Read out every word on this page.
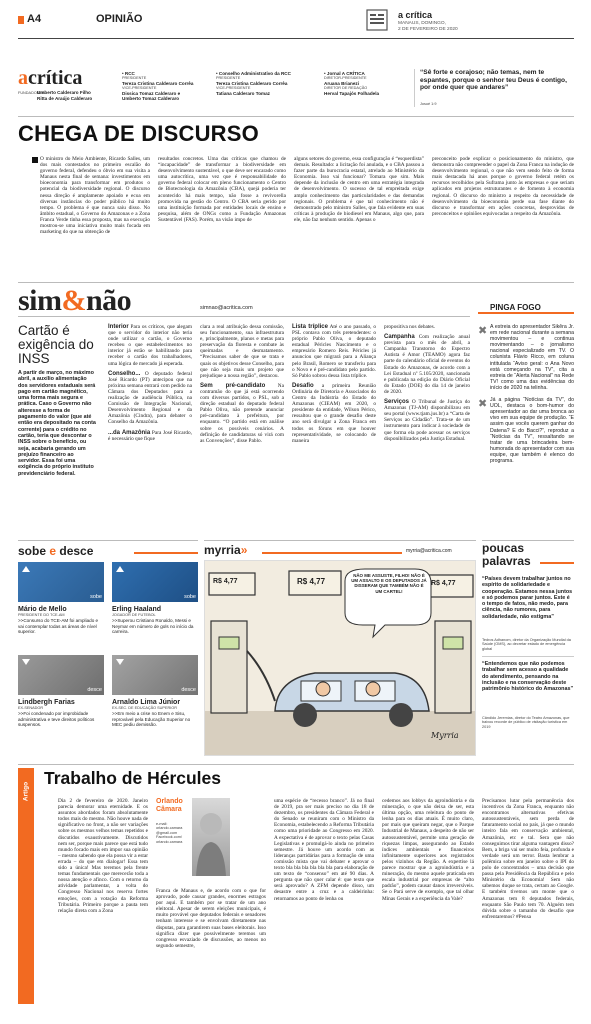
A4	OPINIÃO	a crítica
MANAUS, DOMINGO,
2 DE FEVEREIRO DE 2020
acrítica
FUNDADORES
Umberto Calderaro Filho
Ritta de Araújo Calderaro
• RCC
PRESIDENTE
Tereza Cristina Calderaro Corrêa
VICE-PRESIDENTE
Dissica Tomaz Calderaro e
Umberto Tomaz Calderaro
• Conselho Administrativo da RCC
PRESIDENTE
Tereza Cristina Calderaro Corrêa
VICE-PRESIDENTE
Tatiana Calderaro Tomaz
• Jornal A CRÍTICA
DIRETOR-PRESIDENTE
Aruana Brianezi
DIRETOR DE REDAÇÃO
Herval Tapajós Folhadela
“Sê forte e corajoso; não temas, nem te espantes, porque o senhor teu Deus é contigo, por onde quer que andares”
Josué 1:9
CHEGA DE DISCURSO

O ministro do Meio Ambiente, Ricardo Salles, um dos mais contestados no primeiro escalão do governo federal, defendeu o óbvio em sua visita a Manaus nesta final de semana: investimentos em bioeconomia para transformar em produtos o potencial da biodiversidade regional. O discurso nessa direção é amplamente apoiado e ecoa em diversas instâncias do poder público há muito tempo. O problema é que nunca saiu disso. No âmbito estadual, o Governo do Amazonas e a Zona Franca Verde tinha essa proposta, mas na execução mostrou-se uma iniciativa muito mais focada em marketing do que na obtenção de

resultados concretos. Uma das críticas que chamou de “incapacidade” de transformar a biodiversidade em desenvolvimento sustentável, o que deve ser encarado como uma autocrítica, uma vez que é responsabilidade do governo federal colocar em pleno funcionamento o Centro de Biotecnologia da Amazônia (CBA), quejá poderia ter acontecido há mais tempo, não fosse a revivorella promovida na gestão do Centro. O CBA seria gerido por uma instituição formada por entidades locais de ensino e pesquisa, além de ONGs como a Fundação Amazonas Sustentável (FAS). Porém, na visão impo de

alguns setores do governo, essa configuração é “esquerdista” demais. Resultado: a licitação foi anulada, e o CBA passou a fazer parte da burocracia estatal, atrelado ao Ministério da Economia. Isso vai funcionar? Tomara que sim. Mais depende da inclusão de centro em uma estratégia integrada de desenvolvimento. O sucesso de tal empreitada exige amplo conhecimento das particularidades e das demandas regionais. O problema é que tal conhecimento não é demonstrado pelo ministro Salles, que fala evidente em suas críticas à produção de biodiesel em Manaus, algo que, para ele, não faz nenhum sentido. Apenas o

preconceito pode explicar o posicionamento do ministro, que demonstra não compreender o papel da Zona Franca na indução de desenvolvimento regional, o que não vem sendo feito de forma mais destacada há anos porque o governo federal retém os recursos recolhidos pela Suframa junto às empresas e que seriam aplicados em projetos estruturantes e de fomento à economia regional. O discurso do ministro a respeito da necessidade de desenvolvimento da bioeconomia perde sua fase diante do discurso e transformar em ações concretas, desprovidas de preconceitos e opiniões equivocadas a respeito da Amazônia.

sim&não	simnao@acritica.com	PINGA FOGO
Cartão é exigência do INSS
A partir de março, no máximo abril, a auxílio alimentação dos servidores estaduais será pago em cartão magnético, uma forma mais segura e prática. Caso o Governo não alteresse a forma de pagamento do valor (que até então era depositado na conta corrente) para o crédito no cartão, teria que descontar o INSS sobre o benefício, ou seja, acabaria gerando um prejuízo financeiro ao servidor. Essa foi uma exigência do próprio instituto previdenciário federal.
Interior Para os críticos, que alegam que o servidor do interior não teria onde utilizar o cartão, o Governo recebeu o que estabelecimentos no interior já estão se habilitando para receber o cartão dos trabalhadores, uma lógica de mercado já esperada.
Conselho... O deputado federal José Ricardo (PT) antecipou que na próxima semana entrará com pedido na Câmara dos Deputados para a realização de audiência Pública, na Comissão de Integração Nacional, Desenvolvimento Regional e da Amazônia (Cindra), para debater o Conselho da Amazônia.
...da Amazônia Para José Ricardo, é necessário que fique
clara a real atribuição dessa comissão, seu funcionamento, sua infraestrutura e, principalmente, planos e metas para preservação da floresta e combate às queimadas e desmatamento. “Precisamos saber de que se trata e quais os objetivos desse Conselho, para que não seja mais um projeto que prejudique a nossa região”, destacou.
Sem pré-candidato Na contramão do que já está ocorrendo com diversos partidos, o PSL, sob a direção estadual do deputado federal Pablo Oliva, não pretende anunciar pré-candidato à prefeitura, por enquanto. “O partido está em análise sobre os possíveis cenários. A definição de candidaturas só virá com as Convenções”, disse Pablo.
Lista tríplice Até o ano passado, o PSL contava com três pretendentes: o próprio Pablo Oliva, o deputado estadual Péricles Nascimento e o empresário Romero Reis. Péricles já anunciou que migrará para a Aliança pelo Brasil, Romero se transferiu para o Novo e é pré-candidato pelo partido. Só Pablo sobrou dessa lista tríplice.
Desafio a primeira Reunião Ordinária de Diretoria e Associados do Centro da Indústria do Estado do Amazonas (CIEAM) em 2020, o presidente da entidade, Wilson Périco, ressaltou que o grande desafio deste ano será divulgar a Zona Franca em todos os fóruns em que houver representatividade, se colocando de maneira
propositiva nos debates.
Campanha Com realização anual prevista para o mês de abril, a Campanha Transtorno do Espectro Autista é Amor (TEAMO) agora faz parte do calendário oficial de eventos do Estado do Amazonas, de acordo com a Lei Estadual nº 5.105/2020, sancionada e publicada na edição do Diário Oficial do Estado (DOE) do dia 14 de janeiro de 2020.
Serviços O Tribunal de Justiça do Amazonas (TJ-AM) disponibilizou em seu portal (www.tjam.jus.br) a “Carta de Serviços ao Cidadão”. Trata-se de um instrumento para indicar à sociedade de que forma ela pode acessar os serviços disponibilizados pela Justiça Estadual.
✖ A estreia do apresentador Sikêra Jr. em rede nacional durante a semana movimentou – e continua movimentando – o jornalismo nacional especializado em TV. O colunista Flávio Ricco, em coluna intitulada “Aviso geral: o Ana Novo está começando na TV”, cita a estreia de “Alerta Nacional” na Rede TV! como uma das evidências do início de 2020 na telinha.
✖ Já a página “Notícias da TV”, do UOL, destaca o bom-humor do apresentador ao dar uma bronca ao vivo em sua equipe de produção. “E assim que vocês querem ganhar do Datena? E do Bacci?”, reproduz a “Notícias da TV”, ressaltando se tratar de uma brincadeira bem-humorada do apresentador com sua equipe, que também é elenco do programa.
sobe e desce
sobe
Mário de Mello
PRESIDENTE DO TCE-AM
>>Consurso do TCE-AM foi ampliado e vai contemplar todas as áreas de nível superior.
sobe
Erling Haaland
JOGADOR DE FUTEBOL
>>Superou Cristiano Ronaldo, Messi e Neymar em número de gols no início da carreira.
desce
Lindbergh Farias
EX-SENADOR
>>Foi condenado por improbidade administrativa e teve direitos políticos suspensos.
desce
Arnaldo Lima Júnior
EX-SEC. DE EDUCAÇÃO SUPERIOR
>>Em meio a crise no Enem e Sisu, reprovável pela Educação Superior no MEC pediu demissão.
myrria»	myrria@acritica.com
R$ 4,77	R$ 4,77	R$ 4,77
NÃO ME ASSUSTE, FILHO! NÃO É UM ASSALTO E OS DEPUTADOS JÁ DISSERAM QUE TAMBÉM NÃO É UM CARTEL!
Myrria
poucas
palavras
“Países devem trabalhar juntos no espírito de solidariedade e cooperação. Estamos nessa juntos e só podemos parar juntos. Este é o tempo de fatos, não medo, para ciência, não rumores, para solidariedade, não estigma”
Tedros Adhanom, diretor da Organização Mundial da Saúde (OMS), ao decretar estado de emergência global
“Entendemos que não podemos trabalhar sem acesso a qualidade do atendimento, pensando na inclusão e na conservação deste patrimônio histórico do Amazonas”
Cândido Jeremias, diretor do Teatro Amazonas, que baixou recorde de público de visitação turística em 2019
Artigo
Trabalho de Hércules

Dia 2 de fevereiro de 2020. Janeiro parecia demorar uma eternidade. E os assuntos abordados foram absolutamente todos mais do mesmo. Não houve nada de significativo no front, a não ser variações sobre os mesmos velhos temas repetidos e discutidos exaustivamente. Discutidos nem ser, porque mais parece que está tudo mundo focado mais em impor sua opinião – mesmo sabendo que ela possa vir a estar errada – do que em dialogar! Essa tem sido a única! Mas teremos pela frente temas fundamentais que merecerão toda a nossa atenção e afinco. Com o retorno da atividade parlamentar, a volta do Congresso Nacional nos reserva fortes emoções, com a votação da Reforma Tributária. Primeiro porque a pauta tem relação direta com a Zona

Orlando
Câmara
e-mail: orlando.camara @gmail.com Facebook.com/ orlando.camara

Franca de Manaus e, de acordo com o que for aprovado, pode causar grandes, enormes estragos por aqui. E também por se tratar de um ano eleitoral. Apesar de serem eleições municipais, é muito provável que deputados federais e senadores tenham interesse e se envolvam diretamente nas disputas, para garantirem suas bases eleitorais. Isso significa dizer que possivelmente teremos um congresso esvaziado de discussões, ao menos no segundo semestre,

uma espécie de “recesso branco”. Já no final de 2019, pra ser mais preciso no dia 18 de dezembro, os presidentes da Câmara Federal e do Senado se reuniram com o Ministro da Economia, estabelecendo a Reforma Tributária como uma prioridade ao Congresso em 2020. A expectativa é de aprovar o texto pelas Casas Legislativas e promulgá-lo ainda no primeiro semestre. Já houve um acordo com as lideranças partidárias para a formação de uma comissão mista que vai debater e aprovar o texto bla bla bla bla bla bla para elaboração de um texto de “consenso” em até 90 dias. A pergunta que não quer calar é: que texto que será aprovado? A ZFM depende disso, um desastre entre a cruz e a caldeirinha: retornamos ao ponto de lenha ou

cedemos aos lobbys da agroindústria e da mineração, o que não deixa de ser, esta última opção, uma releitura do ponto de lenha para os dias atuais. É muito claro, por mais que queiram negar, que o Parque Industrial de Manaus, a despeito de não ser autossustentável, permite uma geração de riquezas limpas, assegurando ao Estado índices ambientais e financeiros infinitamente superiores aos registrados pelos vizinhos da Região. A expertise lá parece mostrar que a agroindústria e a mineração, do mesmo aquele praticada em escala industrial por empresas de “alto padrão”, podem causar danos irreversíveis. Se o Pará serve de exemplo, que tal olhar Minas Gerais e a experiência da Vale?

Precisamos lutar pela permanência dos incentivos da Zona Franca, enquanto não encontramos alternativas efetivas autossustentáveis, sem perda de faturamento social no país, já que o mundo inteiro fala em conservação ambiental, Amazônia, etc e tal. Sera que não conseguimos tirar alguma vantagem disso? Bem, a briga vai ser muito feia, profunda e verdade será um terror. Basta lembrar a polêmica sobre em janeiro sobre o IPI do polo de concentrados – uma decisão que passa pela Presidência da República e pelo Ministério da Economia! Sem não sabemos duque se trata, certam ao Google. E também tivemos um monte que o Amazonas tem 8 deputados federais, enquanto São Paulo tem 70. Alguém tem dúvida sobre o tamanho do desafio que enfrentaremos? #Pensa
